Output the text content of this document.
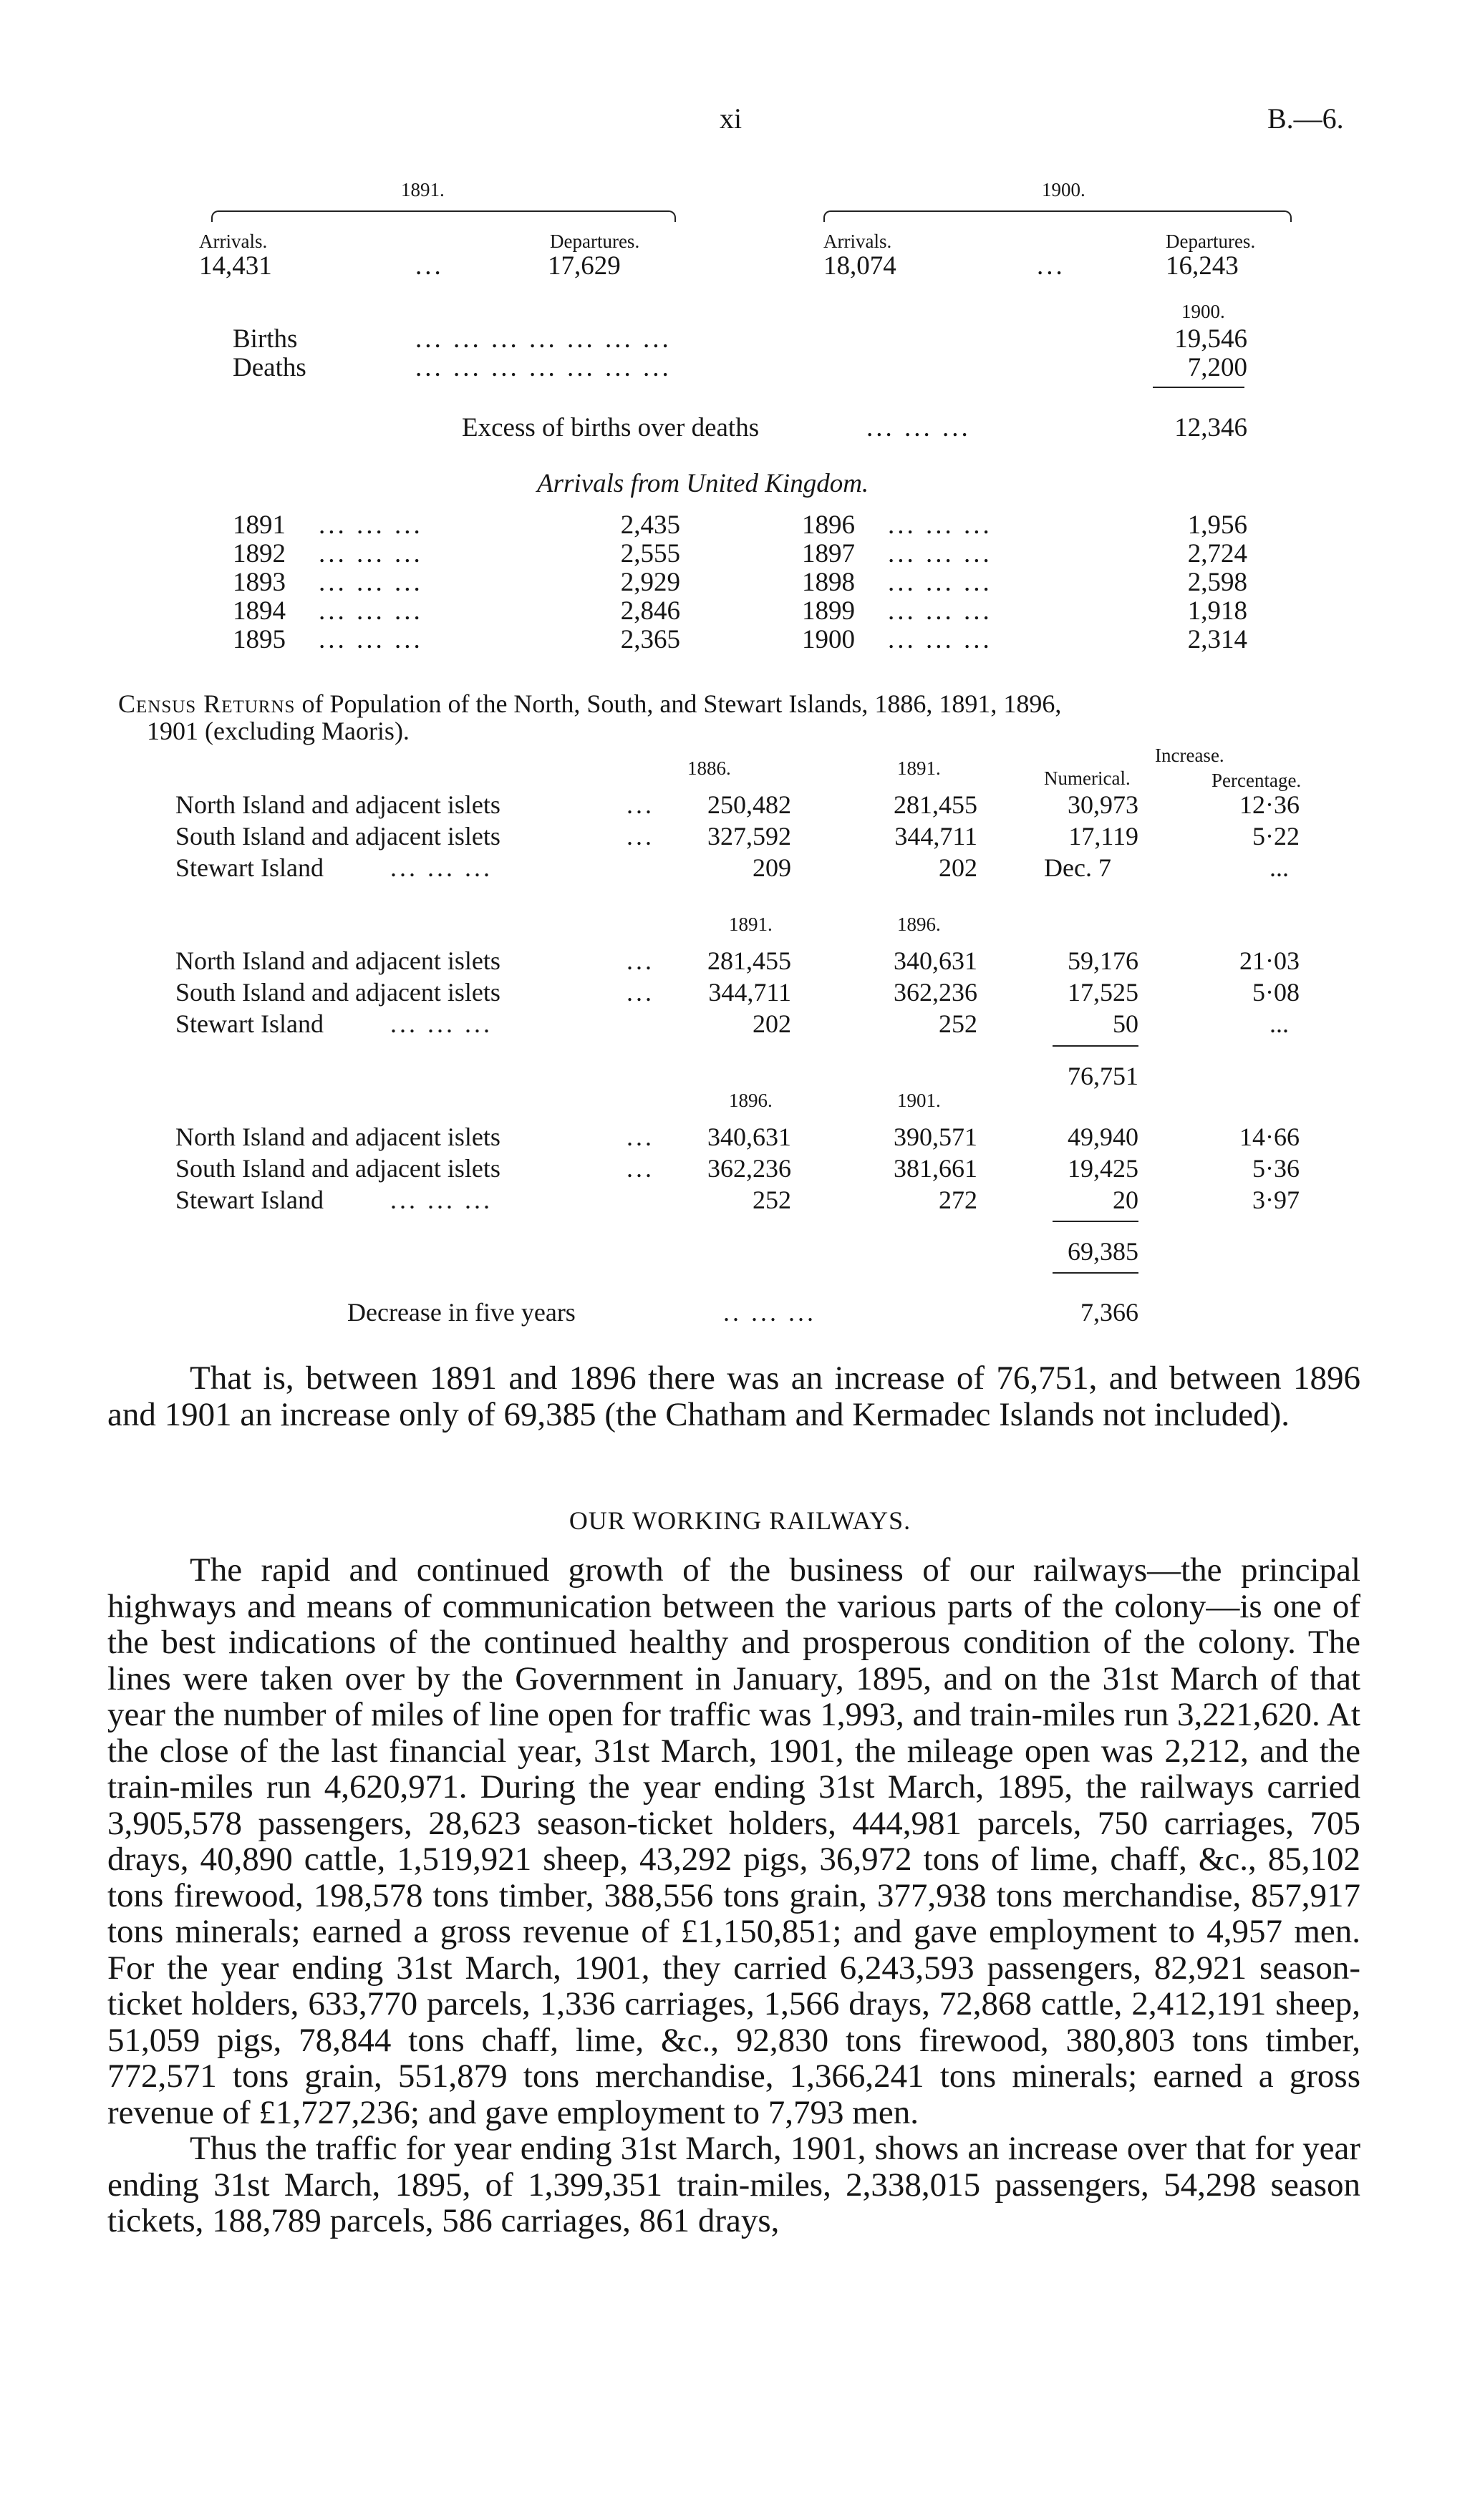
xi	B.—6.
1891.	1900.
Arrivals.	Departures.	Arrivals.	Departures.
14,431	...	17,629	18,074	...	16,243
1900.
Births	... ... ... ... ... ... ...	19,546
Deaths	... ... ... ... ... ... ...	7,200
Excess of births over deaths	... ... ...	12,346
Arrivals from United Kingdom.
1891 ... ... ...	2,435
1892 ... ... ...	2,555
1893 ... ... ...	2,929
1894 ... ... ...	2,846
1895 ... ... ...	2,365
1896 ... ... ...	1,956
1897 ... ... ...	2,724
1898 ... ... ...	2,598
1899 ... ... ...	1,918
1900 ... ... ...	2,314
Census Returns of Population of the North, South, and Stewart Islands, 1886, 1891, 1896,
1901 (excluding Maoris).
Increase.
1886.	1891.	Numerical.	Percentage.
North Island and adjacent islets	...	250,482	281,455	30,973	12·36
South Island and adjacent islets	...	327,592	344,711	17,119	5·22
Stewart Island	... ... ...	209	202	Dec. 7	...
1891.	1896.
North Island and adjacent islets	...	281,455	340,631	59,176	21·03
South Island and adjacent islets	...	344,711	362,236	17,525	5·08
Stewart Island	... ... ...	202	252	50	...
76,751
1896.	1901.
North Island and adjacent islets	...	340,631	390,571	49,940	14·66
South Island and adjacent islets	...	362,236	381,661	19,425	5·36
Stewart Island	... ... ...	252	272	20	3·97
69,385
Decrease in five years	.. ... ...	7,366

That is, between 1891 and 1896 there was an increase of 76,751, and between 1896 and 1901 an increase only of 69,385 (the Chatham and Kermadec Islands not included).

OUR WORKING RAILWAYS.

The rapid and continued growth of the business of our railways—the principal highways and means of communication between the various parts of the colony—is one of the best indications of the continued healthy and prosperous condition of the colony. The lines were taken over by the Government in January, 1895, and on the 31st March of that year the number of miles of line open for traffic was 1,993, and train-miles run 3,221,620. At the close of the last financial year, 31st March, 1901, the mileage open was 2,212, and the train-miles run 4,620,971. During the year ending 31st March, 1895, the railways carried 3,905,578 passengers, 28,623 season-ticket holders, 444,981 parcels, 750 carriages, 705 drays, 40,890 cattle, 1,519,921 sheep, 43,292 pigs, 36,972 tons of lime, chaff, &c., 85,102 tons firewood, 198,578 tons timber, 388,556 tons grain, 377,938 tons merchandise, 857,917 tons minerals; earned a gross revenue of £1,150,851; and gave employment to 4,957 men. For the year ending 31st March, 1901, they carried 6,243,593 passengers, 82,921 season-ticket holders, 633,770 parcels, 1,336 carriages, 1,566 drays, 72,868 cattle, 2,412,191 sheep, 51,059 pigs, 78,844 tons chaff, lime, &c., 92,830 tons firewood, 380,803 tons timber, 772,571 tons grain, 551,879 tons merchandise, 1,366,241 tons minerals; earned a gross revenue of £1,727,236; and gave employment to 7,793 men.

Thus the traffic for year ending 31st March, 1901, shows an increase over that for year ending 31st March, 1895, of 1,399,351 train-miles, 2,338,015 passengers, 54,298 season tickets, 188,789 parcels, 586 carriages, 861 drays,
